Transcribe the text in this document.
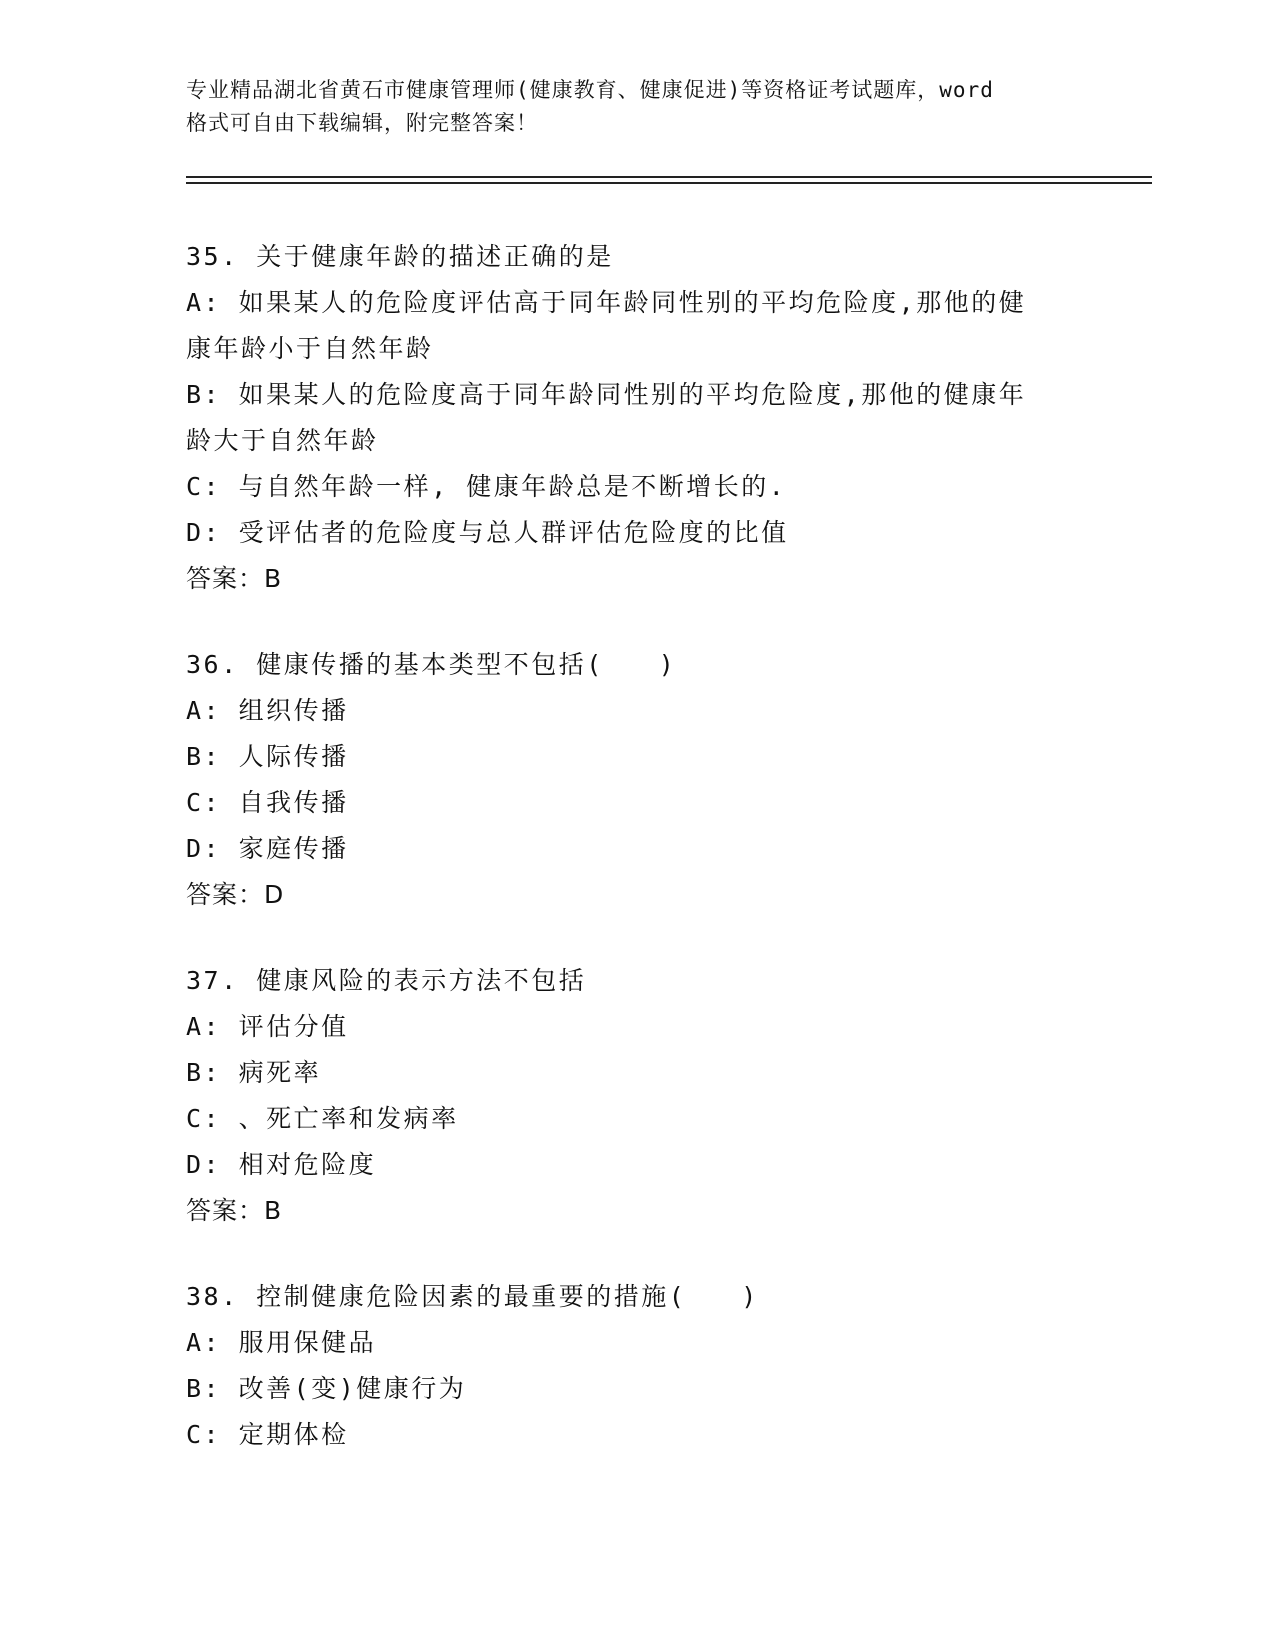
专业精品湖北省黄石市健康管理师(健康教育、健康促进)等资格证考试题库，word
格式可自由下载编辑，附完整答案！
35. 关于健康年龄的描述正确的是
A: 如果某人的危险度评估高于同年龄同性别的平均危险度,那他的健康年龄小于自然年龄
B: 如果某人的危险度高于同年龄同性别的平均危险度,那他的健康年龄大于自然年龄
C: 与自然年龄一样, 健康年龄总是不断增长的.
D: 受评估者的危险度与总人群评估危险度的比值
答案：B
36. 健康传播的基本类型不包括(　　)
A: 组织传播
B: 人际传播
C: 自我传播
D: 家庭传播
答案：D
37. 健康风险的表示方法不包括
A: 评估分值
B: 病死率
C: 、死亡率和发病率
D: 相对危险度
答案：B
38. 控制健康危险因素的最重要的措施(　　)
A: 服用保健品
B: 改善(变)健康行为
C: 定期体检
